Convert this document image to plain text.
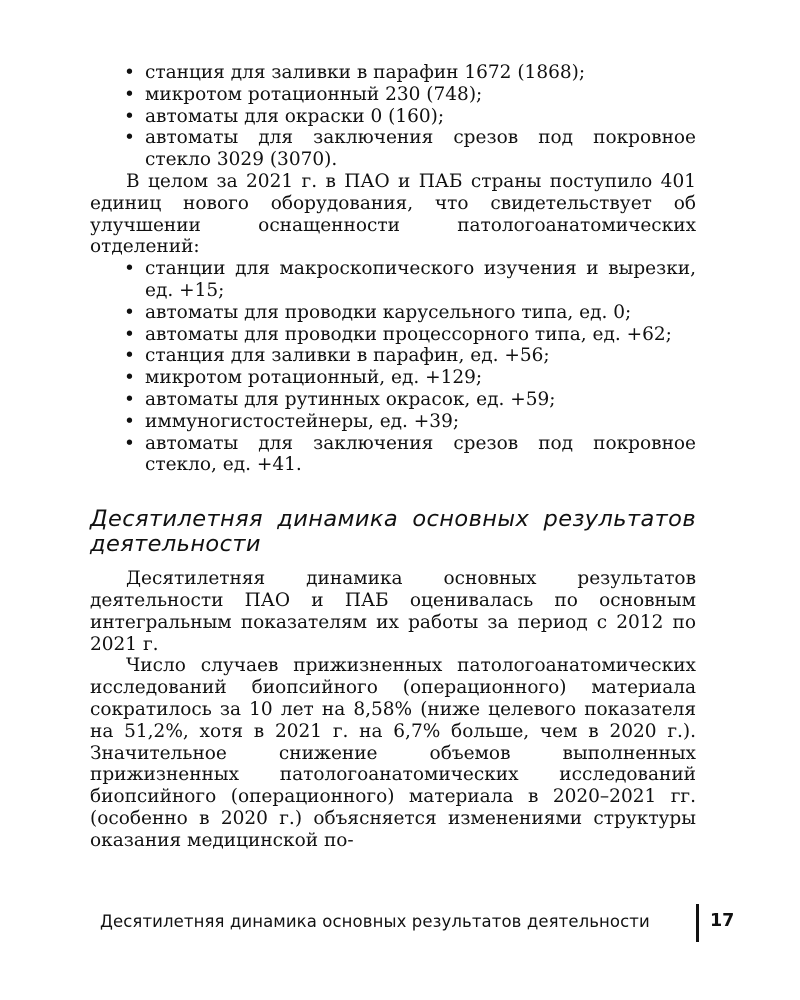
• станция для заливки в парафин 1672 (1868);
• микротом ротационный 230 (748);
• автоматы для окраски 0 (160);
• автоматы для заключения срезов под покровное стекло 3029 (3070).

В целом за 2021 г. в ПАО и ПАБ страны поступило 401 единиц нового оборудования, что свидетельствует об улучшении оснащенности патологоанатомических отделений:

• станции для макроскопического изучения и вырезки, ед. +15;
• автоматы для проводки карусельного типа, ед. 0;
• автоматы для проводки процессорного типа, ед. +62;
• станция для заливки в парафин, ед. +56;
• микротом ротационный, ед. +129;
• автоматы для рутинных окрасок, ед. +59;
• иммуногистостейнеры, ед. +39;
• автоматы для заключения срезов под покровное стекло, ед. +41.
Десятилетняя динамика основных результатов деятельности

Десятилетняя динамика основных результатов деятельности ПАО и ПАБ оценивалась по основным интегральным показателям их работы за период с 2012 по 2021 г.

Число случаев прижизненных патологоанатомических исследований биопсийного (операционного) материала сократилось за 10 лет на 8,58% (ниже целевого показателя на 51,2%, хотя в 2021 г. на 6,7% больше, чем в 2020 г.). Значительное снижение объемов выполненных прижизненных патологоанатомических исследований биопсийного (операционного) материала в 2020–2021 гг. (особенно в 2020 г.) объясняется изменениями структуры оказания медицинской по-

Десятилетняя динамика основных результатов деятельности	17
